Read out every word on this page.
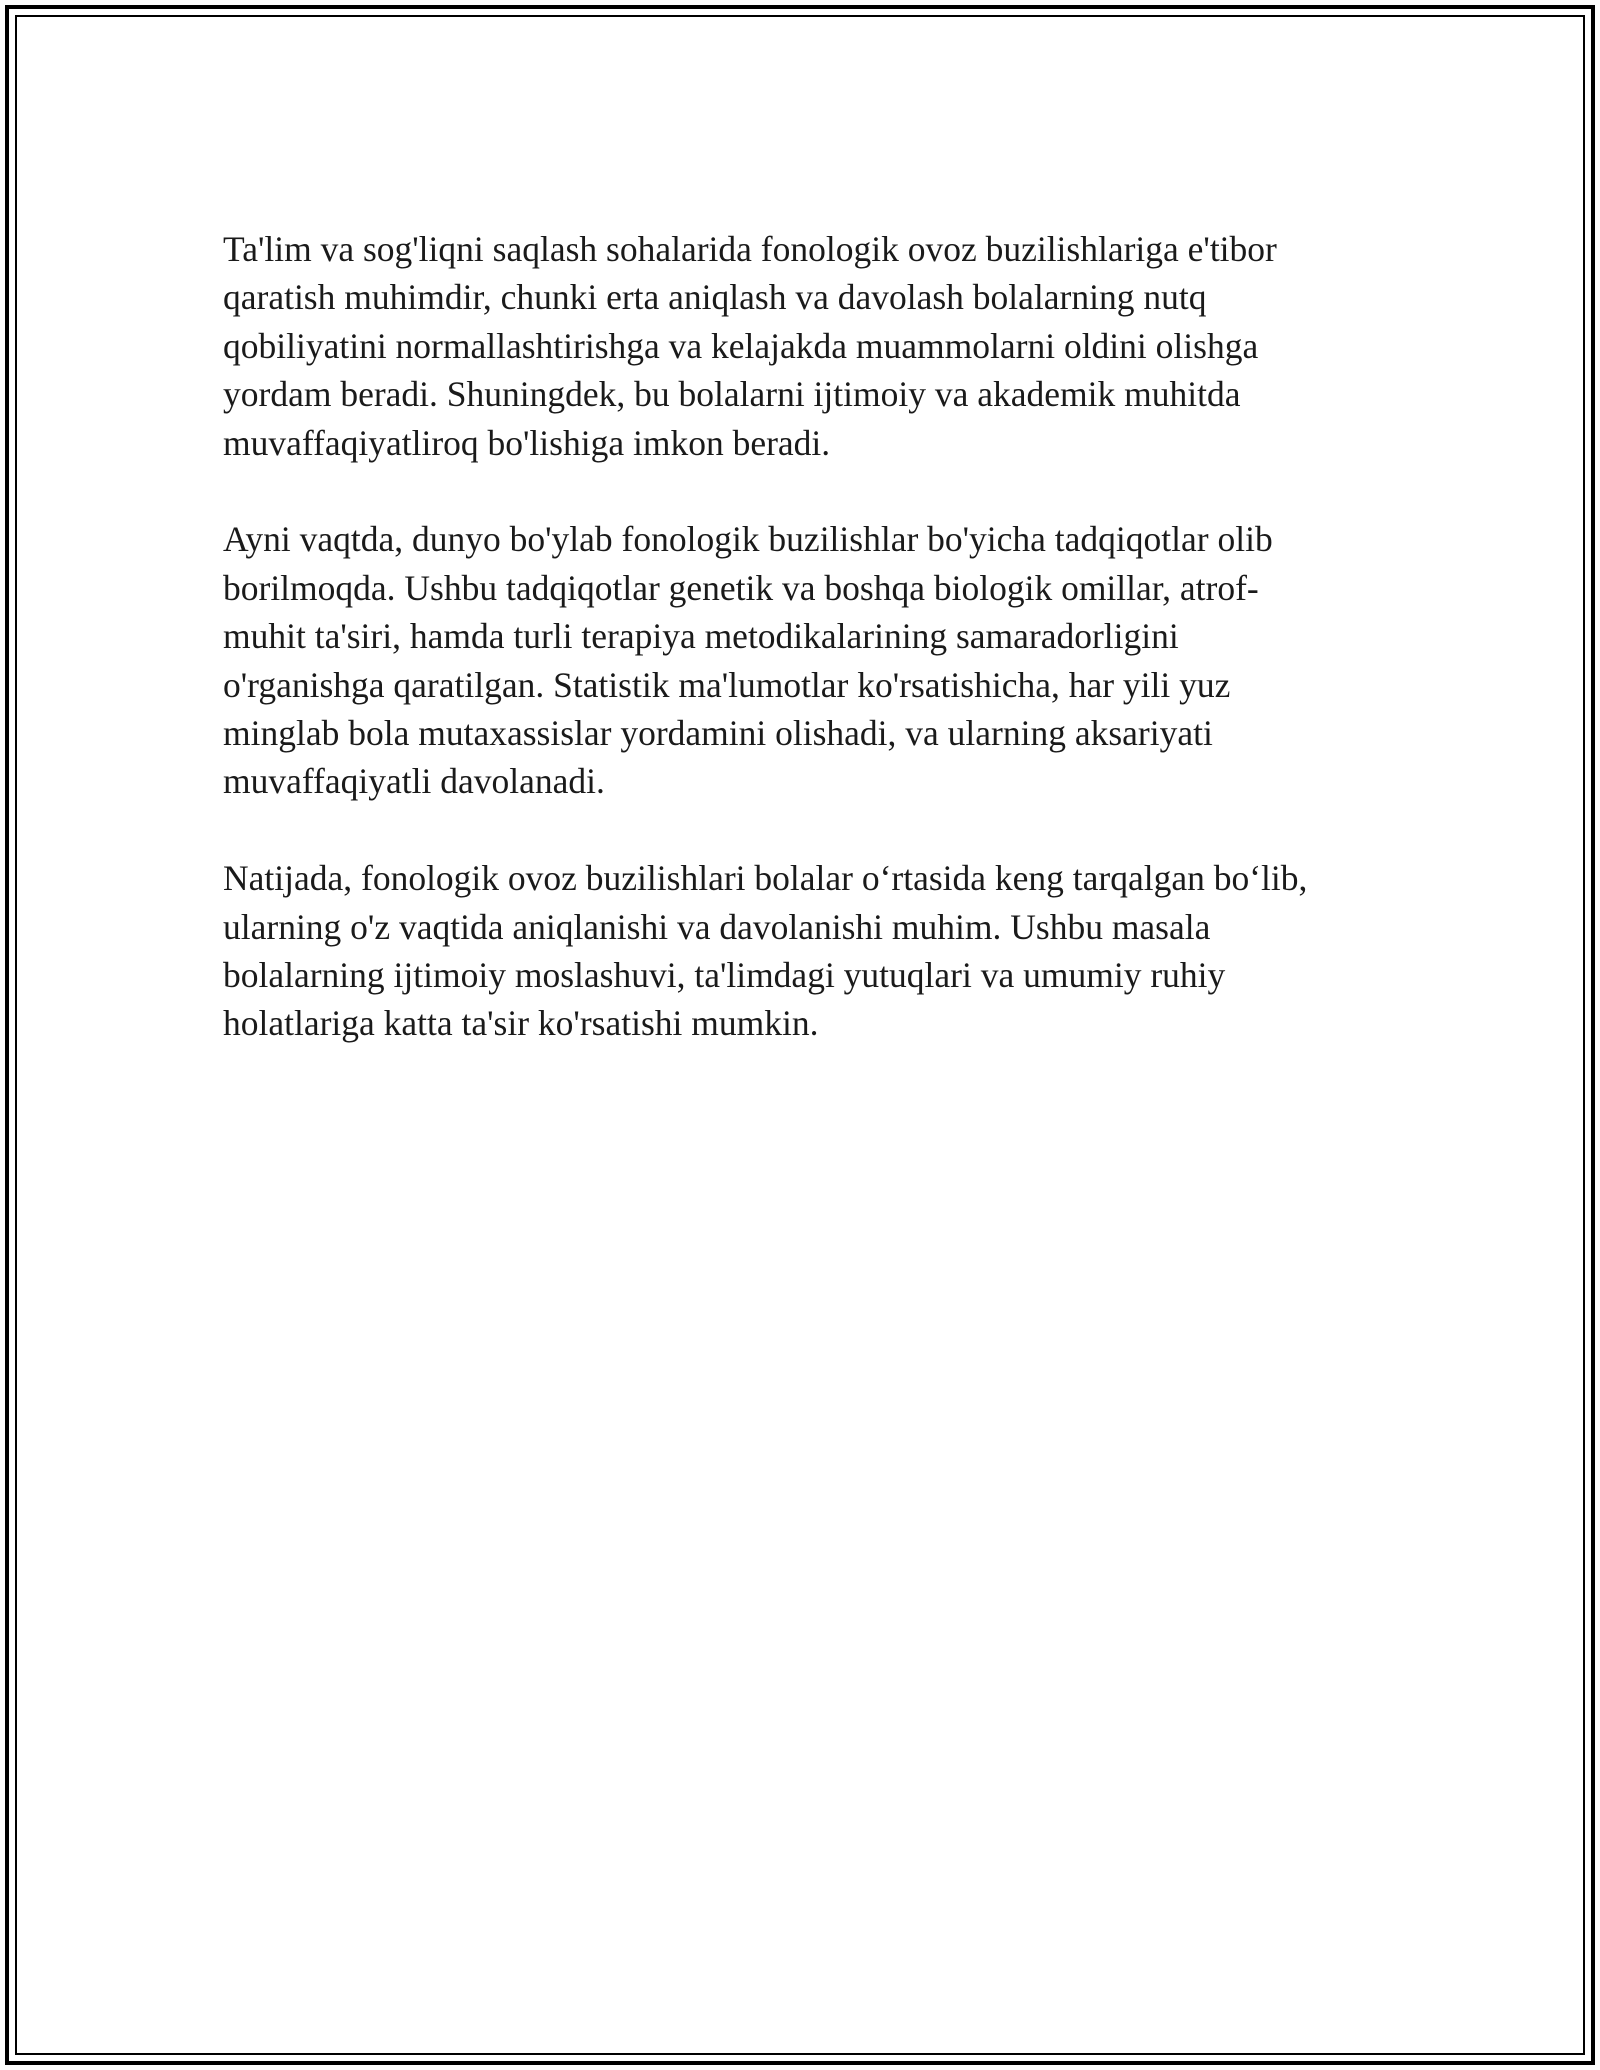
Ta'lim va sog'liqni saqlash sohalarida fonologik ovoz buzilishlariga e'tibor
qaratish muhimdir, chunki erta aniqlash va davolash bolalarning nutq
qobiliyatini normallashtirishga va kelajakda muammolarni oldini olishga
yordam beradi. Shuningdek, bu bolalarni ijtimoiy va akademik muhitda
muvaffaqiyatliroq bo'lishiga imkon beradi.

Ayni vaqtda, dunyo bo'ylab fonologik buzilishlar bo'yicha tadqiqotlar olib
borilmoqda. Ushbu tadqiqotlar genetik va boshqa biologik omillar, atrof-
muhit ta'siri, hamda turli terapiya metodikalarining samaradorligini
o'rganishga qaratilgan. Statistik ma'lumotlar ko'rsatishicha, har yili yuz
minglab bola mutaxassislar yordamini olishadi, va ularning aksariyati
muvaffaqiyatli davolanadi.

Natijada, fonologik ovoz buzilishlari bolalar o‘rtasida keng tarqalgan bo‘lib,
ularning o'z vaqtida aniqlanishi va davolanishi muhim. Ushbu masala
bolalarning ijtimoiy moslashuvi, ta'limdagi yutuqlari va umumiy ruhiy
holatlariga katta ta'sir ko'rsatishi mumkin.
